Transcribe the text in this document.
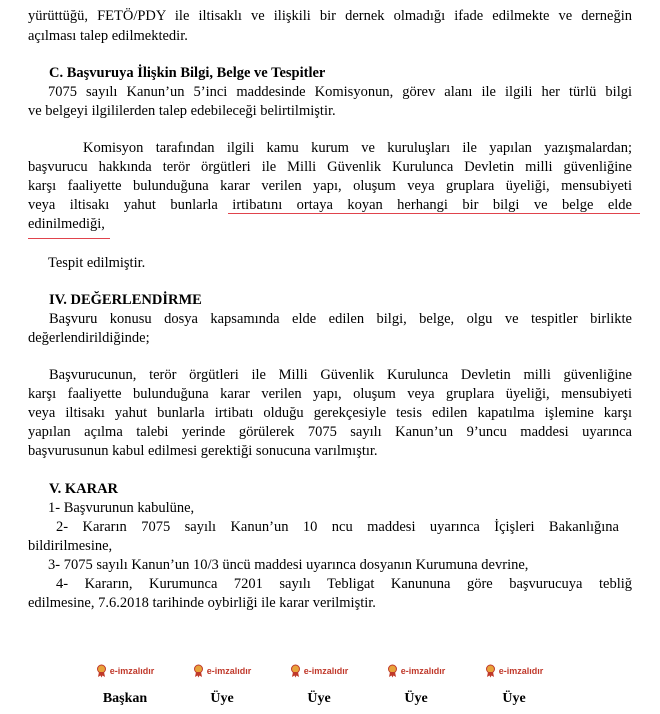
yürüttüğü, FETÖ/PDY ile iltisaklı ve ilişkili bir dernek olmadığı ifade edilmekte ve derneğin
açılması talep edilmektedir.
C. Başvuruya İlişkin Bilgi, Belge ve Tespitler
7075 sayılı Kanun’un 5’inci maddesinde Komisyonun, görev alanı ile ilgili her türlü bilgi
ve belgeyi ilgililerden talep edebileceği belirtilmiştir.
Komisyon tarafından ilgili kamu kurum ve kuruluşları ile yapılan yazışmalardan;
başvurucu hakkında terör örgütleri ile Milli Güvenlik Kurulunca Devletin milli güvenliğine
karşı faaliyette bulunduğuna karar verilen yapı, oluşum veya gruplara üyeliği, mensubiyeti
veya iltisakı yahut bunlarla irtibatını ortaya koyan herhangi bir bilgi ve belge elde
edinilmediği,
Tespit edilmiştir.
IV. DEĞERLENDİRME
Başvuru konusu dosya kapsamında elde edilen bilgi, belge, olgu ve tespitler birlikte
değerlendirildiğinde;
Başvurucunun, terör örgütleri ile Milli Güvenlik Kurulunca Devletin milli güvenliğine
karşı faaliyette bulunduğuna karar verilen yapı, oluşum veya gruplara üyeliği, mensubiyeti
veya iltisakı yahut bunlarla irtibatı olduğu gerekçesiyle tesis edilen kapatılma işlemine karşı
yapılan açılma talebi yerinde görülerek 7075 sayılı Kanun’un 9’uncu maddesi uyarınca
başvurusunun kabul edilmesi gerektiği sonucuna varılmıştır.
V. KARAR
1- Başvurunun kabulüne,
2- Kararın 7075 sayılı Kanun’un 10 ncu maddesi uyarınca İçişleri Bakanlığına
bildirilmesine,
3- 7075 sayılı Kanun’un 10/3 üncü maddesi uyarınca dosyanın Kurumuna devrine,
4- Kararın, Kurumunca 7201 sayılı Tebligat Kanununa göre başvurucuya tebliğ
edilmesine, 7.6.2018 tarihinde oybirliği ile karar verilmiştir.
e-imzalıdır
Başkan
e-imzalıdır
Üye
e-imzalıdır
Üye
e-imzalıdır
Üye
e-imzalıdır
Üye
